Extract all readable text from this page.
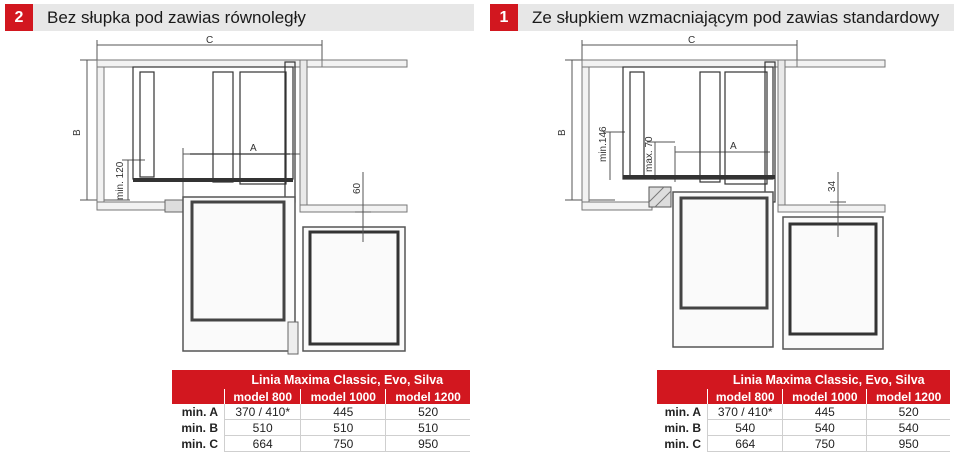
2	Bez słupka pod zawias równoległy
C
B
A
min. 120	60
	Linia Maxima Classic, Evo, Silva		
	model 800	model 1000	model 1200
min. A	370 / 410*	445	520
min. B	510	510	510
min. C	664	750	950
1	Ze słupkiem wzmacniającym pod zawias standardowy
C
B
A
min.146	max. 70
34
	Linia Maxima Classic, Evo, Silva		
	model 800	model 1000	model 1200
min. A	370 / 410*	445	520
min. B	540	540	540
min. C	664	750	950
